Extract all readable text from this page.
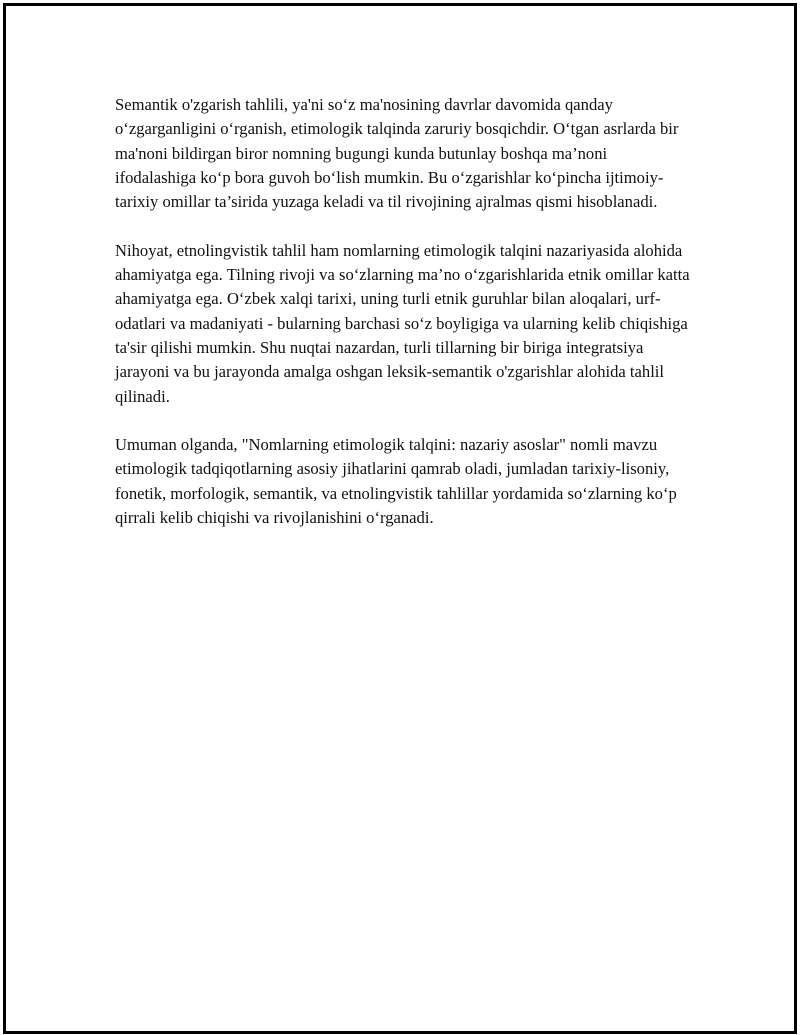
Semantik o'zgarish tahlili, ya'ni so‘z ma'nosining davrlar davomida qanday o‘zgarganligini o‘rganish, etimologik talqinda zaruriy bosqichdir. O‘tgan asrlarda bir ma'noni bildirgan biror nomning bugungi kunda butunlay boshqa ma’noni ifodalashiga ko‘p bora guvoh bo‘lish mumkin. Bu o‘zgarishlar ko‘pincha ijtimoiy-tarixiy omillar ta’sirida yuzaga keladi va til rivojining ajralmas qismi hisoblanadi.

Nihoyat, etnolingvistik tahlil ham nomlarning etimologik talqini nazariyasida alohida ahamiyatga ega. Tilning rivoji va so‘zlarning ma’no o‘zgarishlarida etnik omillar katta ahamiyatga ega. O‘zbek xalqi tarixi, uning turli etnik guruhlar bilan aloqalari, urf-odatlari va madaniyati - bularning barchasi so‘z boyligiga va ularning kelib chiqishiga ta'sir qilishi mumkin. Shu nuqtai nazardan, turli tillarning bir biriga integratsiya jarayoni va bu jarayonda amalga oshgan leksik-semantik o'zgarishlar alohida tahlil qilinadi.

Umuman olganda, "Nomlarning etimologik talqini: nazariy asoslar" nomli mavzu etimologik tadqiqotlarning asosiy jihatlarini qamrab oladi, jumladan tarixiy-lisoniy, fonetik, morfologik, semantik, va etnolingvistik tahlillar yordamida so‘zlarning ko‘p qirrali kelib chiqishi va rivojlanishini o‘rganadi.
